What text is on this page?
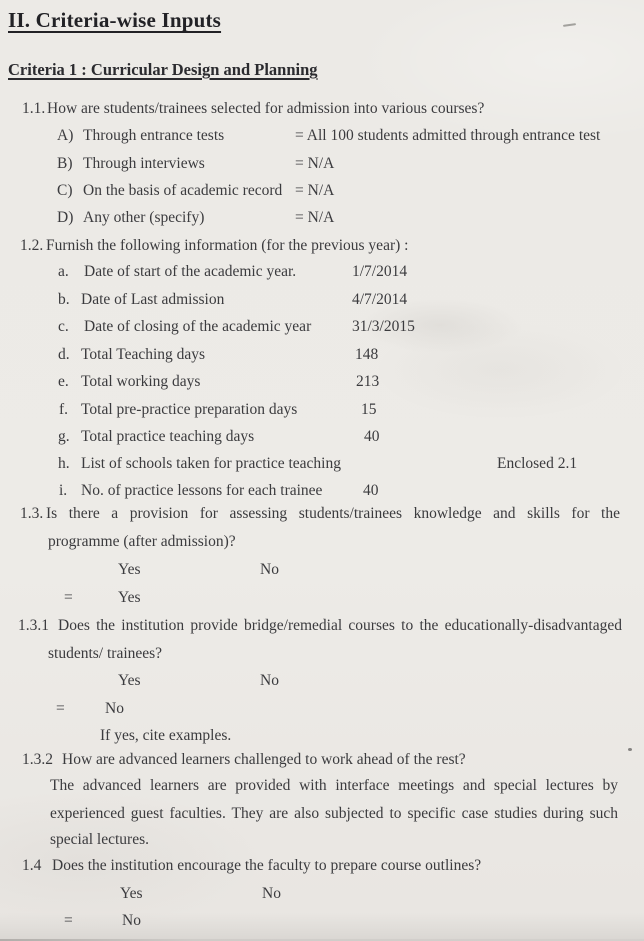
II. Criteria-wise Inputs
Criteria 1 : Curricular Design and Planning
1.1. How are students/trainees selected for admission into various courses?
A) Through entrance tests	= All 100 students admitted through entrance test
B) Through interviews	= N/A
C) On the basis of academic record = N/A
D) Any other (specify)	= N/A
1.2. Furnish the following information (for the previous year) :
a. Date of start of the academic year.	1/7/2014
b. Date of Last admission	4/7/2014
c. Date of closing of the academic year	31/3/2015
d. Total Teaching days	148
e. Total working days	213
f. Total pre-practice preparation days	15
g. Total practice teaching days	40
h. List of schools taken for practice teaching	Enclosed 2.1
i. No. of practice lessons for each trainee	40
1.3. Is there a provision for assessing students/trainees knowledge and skills for the
programme (after admission)?
Yes	No
=	Yes
1.3.1 Does the institution provide bridge/remedial courses to the educationally-disadvantaged
students/ trainees?
Yes	No
=	No
If yes, cite examples.
1.3.2 How are advanced learners challenged to work ahead of the rest?
The advanced learners are provided with interface meetings and special lectures by
experienced guest faculties. They are also subjected to specific case studies during such
special lectures.
1.4 Does the institution encourage the faculty to prepare course outlines?
Yes	No
=	No
